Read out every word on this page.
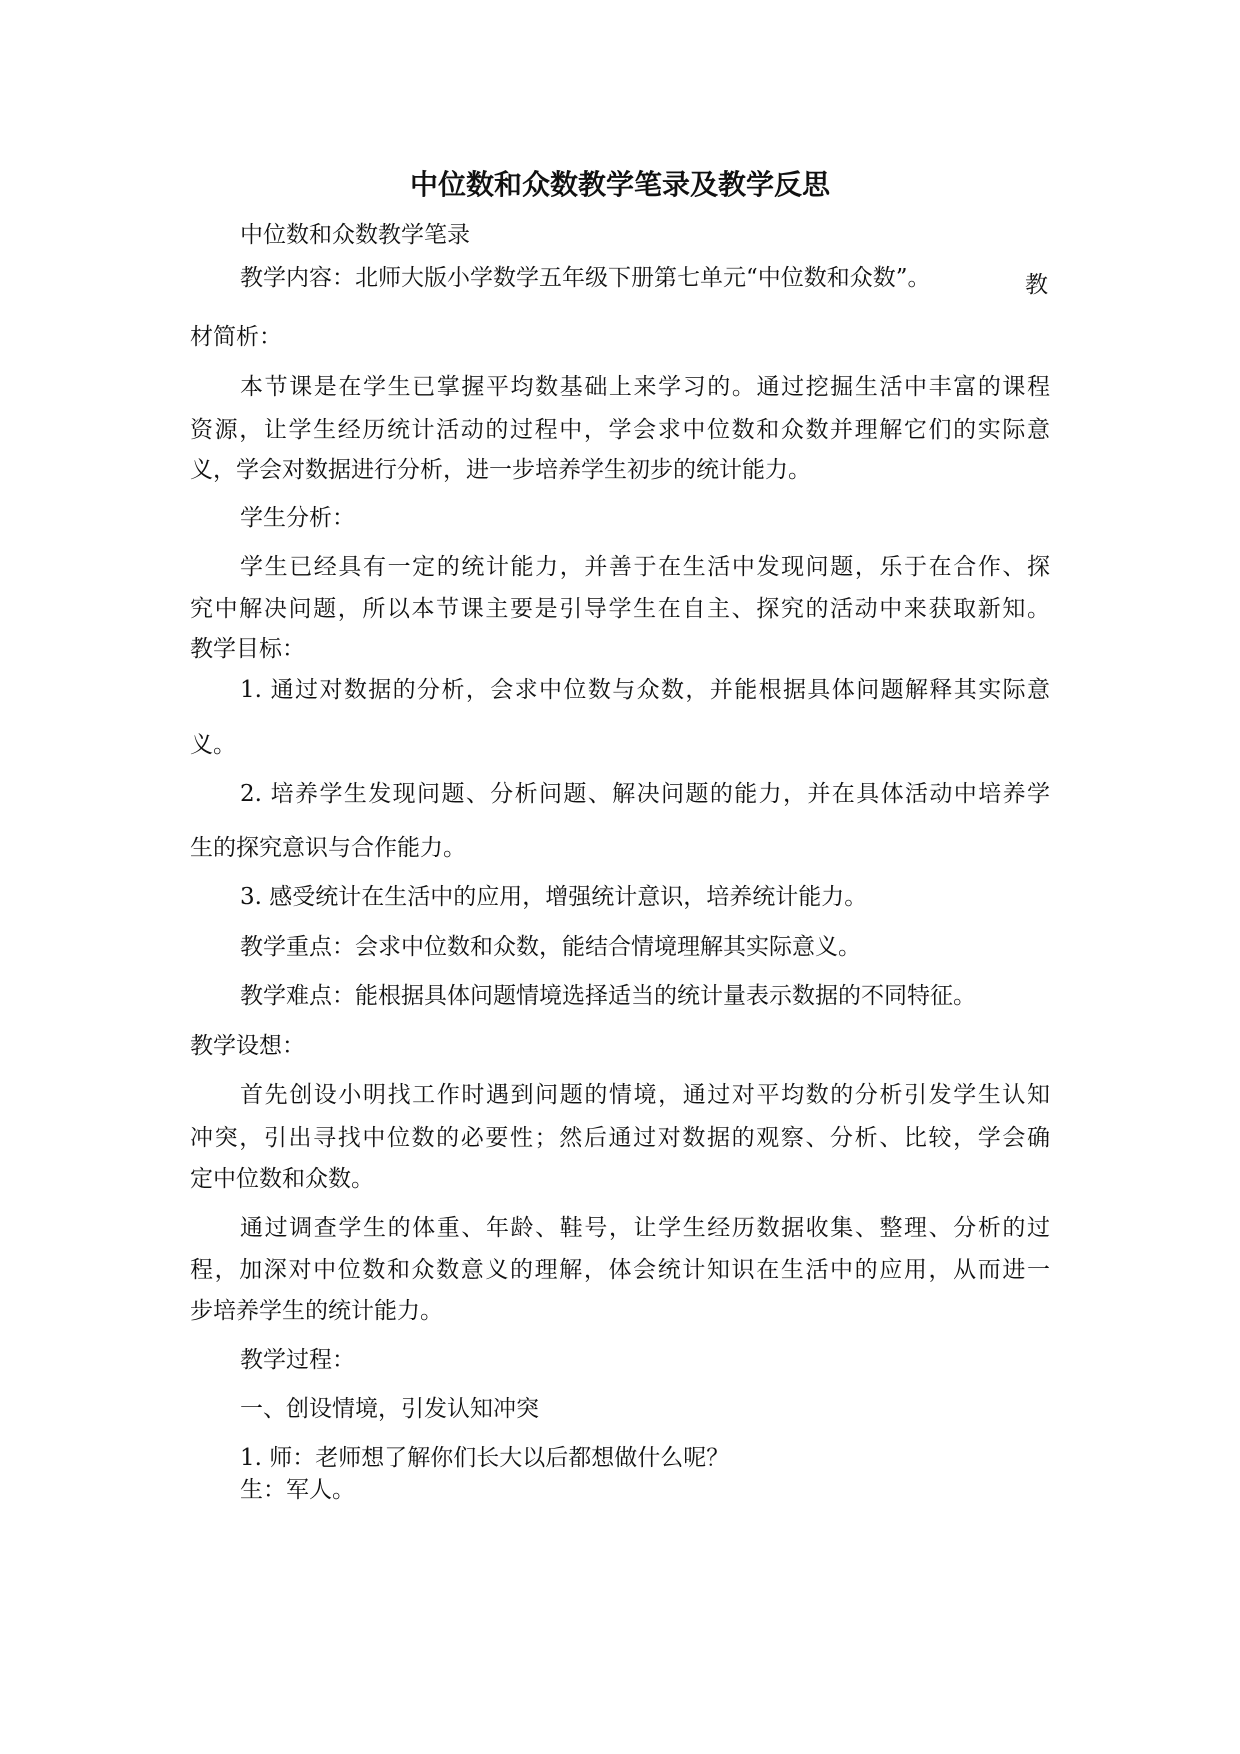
中位数和众数教学笔录及教学反思
中位数和众数教学笔录
教学内容：北师大版小学数学五年级下册第七单元“中位数和众数”。	教
材简析：
本节课是在学生已掌握平均数基础上来学习的。通过挖掘生活中丰富的课程
资源，让学生经历统计活动的过程中，学会求中位数和众数并理解它们的实际意
义，学会对数据进行分析，进一步培养学生初步的统计能力。
学生分析：
学生已经具有一定的统计能力，并善于在生活中发现问题，乐于在合作、探
究中解决问题，所以本节课主要是引导学生在自主、探究的活动中来获取新知。
教学目标：
1. 通过对数据的分析，会求中位数与众数，并能根据具体问题解释其实际意
义。
2. 培养学生发现问题、分析问题、解决问题的能力，并在具体活动中培养学
生的探究意识与合作能力。
3. 感受统计在生活中的应用，增强统计意识，培养统计能力。
教学重点：会求中位数和众数，能结合情境理解其实际意义。
教学难点：能根据具体问题情境选择适当的统计量表示数据的不同特征。
教学设想：
首先创设小明找工作时遇到问题的情境，通过对平均数的分析引发学生认知
冲突，引出寻找中位数的必要性；然后通过对数据的观察、分析、比较，学会确
定中位数和众数。
通过调查学生的体重、年龄、鞋号，让学生经历数据收集、整理、分析的过
程，加深对中位数和众数意义的理解，体会统计知识在生活中的应用，从而进一
步培养学生的统计能力。
教学过程：
一、创设情境，引发认知冲突
1. 师：老师想了解你们长大以后都想做什么呢？
生：军人。
